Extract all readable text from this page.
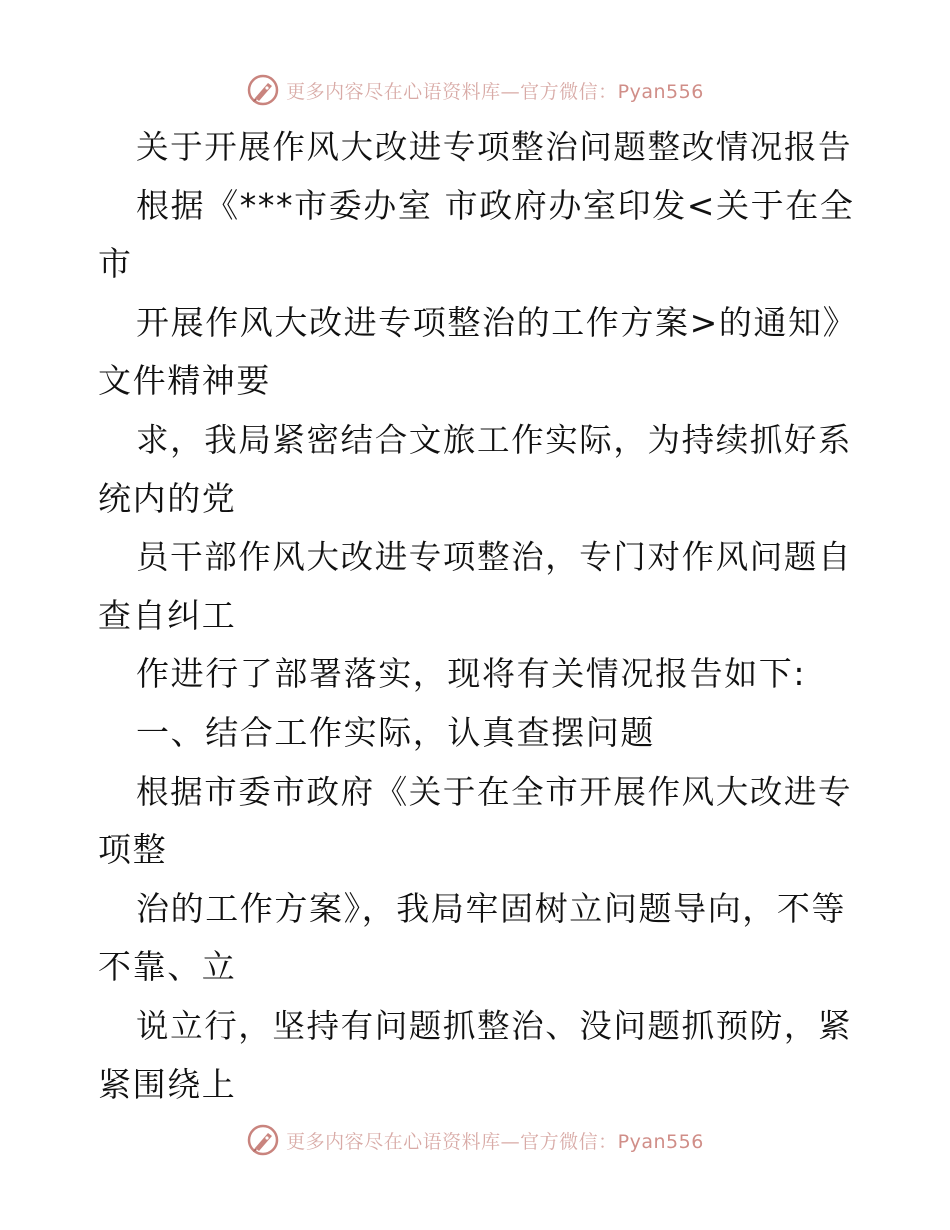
更多内容尽在心语资料库—官方微信：Pyan556
关于开展作风大改进专项整治问题整改情况报告
根据《***市委办室 市政府办室印发<关于在全
市
开展作风大改进专项整治的工作方案>的通知》
文件精神要
求，我局紧密结合文旅工作实际，为持续抓好系
统内的党
员干部作风大改进专项整治，专门对作风问题自
查自纠工
作进行了部署落实，现将有关情况报告如下:
一、结合工作实际，认真查摆问题
根据市委市政府《关于在全市开展作风大改进专
项整
治的工作方案》，我局牢固树立问题导向，不等
不靠、立
说立行，坚持有问题抓整治、没问题抓预防，紧
紧围绕上
更多内容尽在心语资料库—官方微信：Pyan556
